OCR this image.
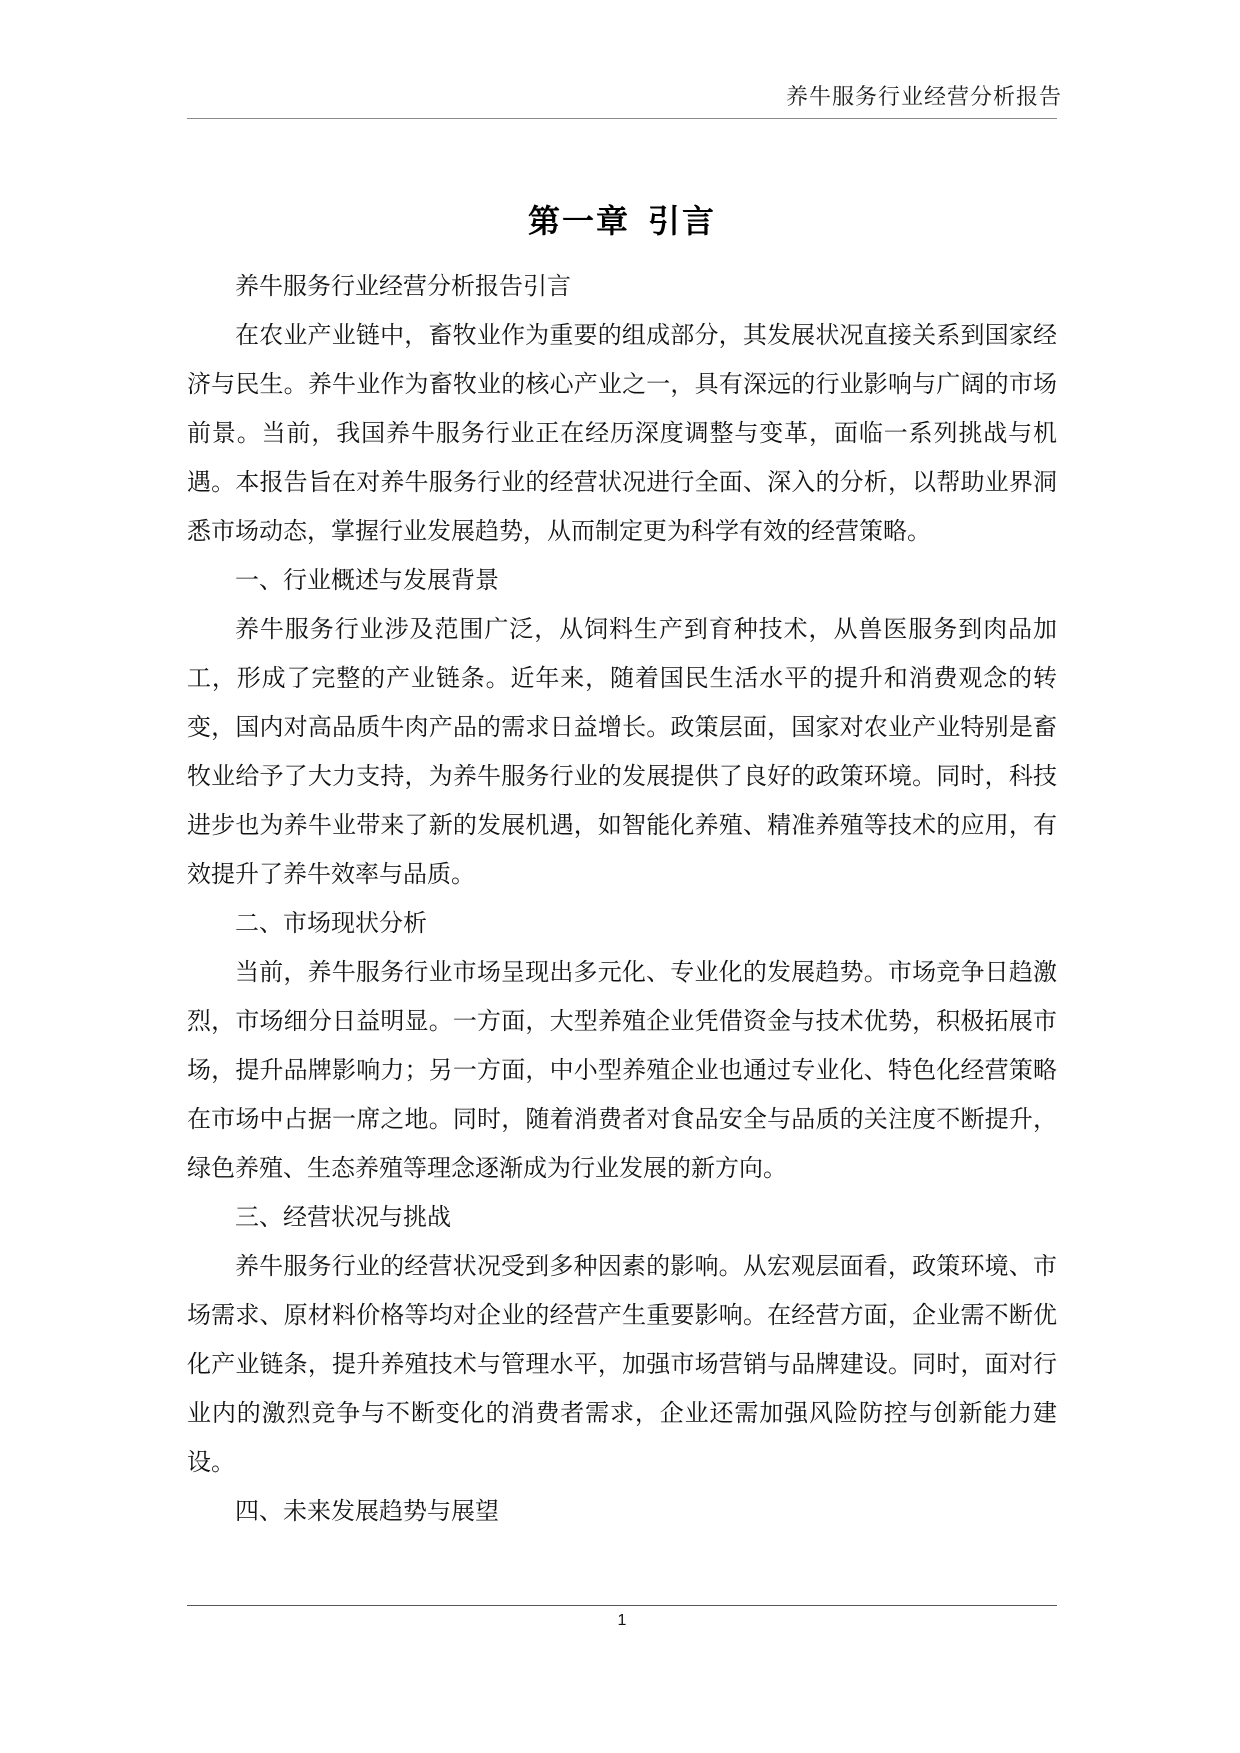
养牛服务行业经营分析报告
第一章 引言

养牛服务行业经营分析报告引言

在农业产业链中，畜牧业作为重要的组成部分，其发展状况直接关系到国家经济与民生。养牛业作为畜牧业的核心产业之一，具有深远的行业影响与广阔的市场前景。当前，我国养牛服务行业正在经历深度调整与变革，面临一系列挑战与机遇。本报告旨在对养牛服务行业的经营状况进行全面、深入的分析，以帮助业界洞悉市场动态，掌握行业发展趋势，从而制定更为科学有效的经营策略。

一、行业概述与发展背景

养牛服务行业涉及范围广泛，从饲料生产到育种技术，从兽医服务到肉品加工，形成了完整的产业链条。近年来，随着国民生活水平的提升和消费观念的转变，国内对高品质牛肉产品的需求日益增长。政策层面，国家对农业产业特别是畜牧业给予了大力支持，为养牛服务行业的发展提供了良好的政策环境。同时，科技进步也为养牛业带来了新的发展机遇，如智能化养殖、精准养殖等技术的应用，有效提升了养牛效率与品质。

二、市场现状分析

当前，养牛服务行业市场呈现出多元化、专业化的发展趋势。市场竞争日趋激烈，市场细分日益明显。一方面，大型养殖企业凭借资金与技术优势，积极拓展市场，提升品牌影响力；另一方面，中小型养殖企业也通过专业化、特色化经营策略在市场中占据一席之地。同时，随着消费者对食品安全与品质的关注度不断提升，绿色养殖、生态养殖等理念逐渐成为行业发展的新方向。

三、经营状况与挑战

养牛服务行业的经营状况受到多种因素的影响。从宏观层面看，政策环境、市场需求、原材料价格等均对企业的经营产生重要影响。在经营方面，企业需不断优化产业链条，提升养殖技术与管理水平，加强市场营销与品牌建设。同时，面对行业内的激烈竞争与不断变化的消费者需求，企业还需加强风险防控与创新能力建设。

四、未来发展趋势与展望

1
